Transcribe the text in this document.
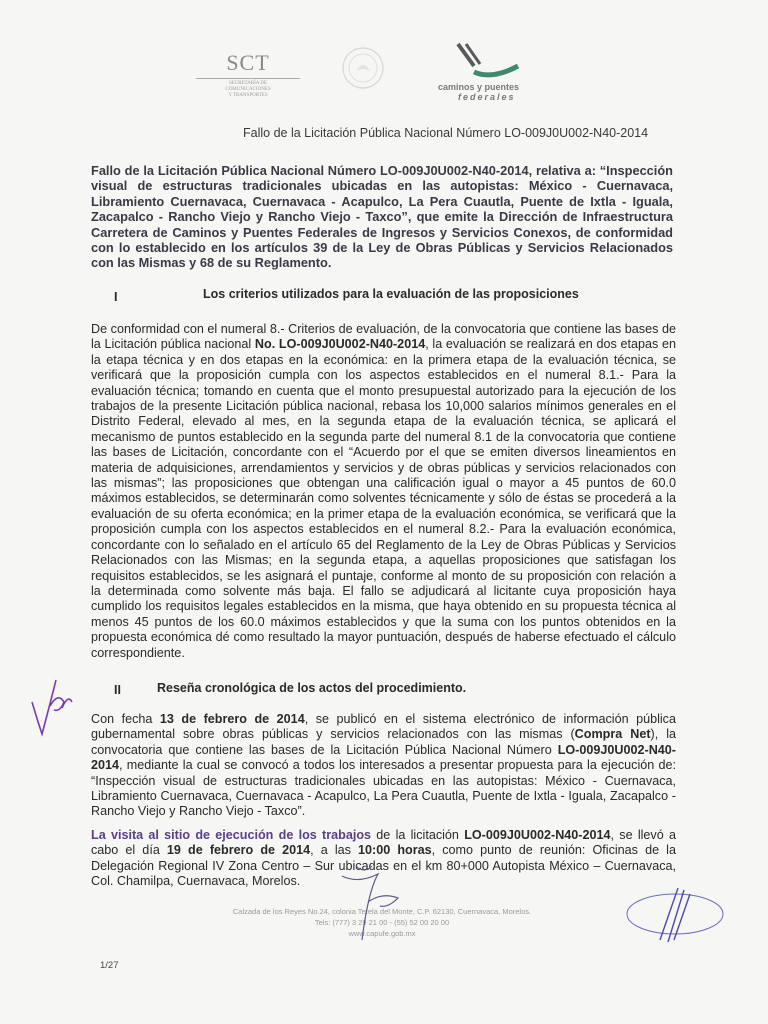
SCT
SECRETARÍA DE
COMUNICACIONES
Y TRANSPORTES
caminos y puentes
federales
Fallo de la Licitación Pública Nacional Número LO-009J0U002-N40-2014
Fallo de la Licitación Pública Nacional Número LO-009J0U002-N40-2014, relativa a: “Inspección visual de estructuras tradicionales ubicadas en las autopistas: México - Cuernavaca, Libramiento Cuernavaca, Cuernavaca - Acapulco, La Pera Cuautla, Puente de Ixtla - Iguala, Zacapalco - Rancho Viejo y Rancho Viejo - Taxco”, que emite la Dirección de Infraestructura Carretera de Caminos y Puentes Federales de Ingresos y Servicios Conexos, de conformidad con lo establecido en los artículos 39 de la Ley de Obras Públicas y Servicios Relacionados con las Mismas y 68 de su Reglamento.
I	Los criterios utilizados para la evaluación de las proposiciones
De conformidad con el numeral 8.- Criterios de evaluación, de la convocatoria que contiene las bases de la Licitación pública nacional No. LO-009J0U002-N40-2014, la evaluación se realizará en dos etapas en la etapa técnica y en dos etapas en la económica: en la primera etapa de la evaluación técnica, se verificará que la proposición cumpla con los aspectos establecidos en el numeral 8.1.- Para la evaluación técnica; tomando en cuenta que el monto presupuestal autorizado para la ejecución de los trabajos de la presente Licitación pública nacional, rebasa los 10,000 salarios mínimos generales en el Distrito Federal, elevado al mes, en la segunda etapa de la evaluación técnica, se aplicará el mecanismo de puntos establecido en la segunda parte del numeral 8.1 de la convocatoria que contiene las bases de Licitación, concordante con el “Acuerdo por el que se emiten diversos lineamientos en materia de adquisiciones, arrendamientos y servicios y de obras públicas y servicios relacionados con las mismas”; las proposiciones que obtengan una calificación igual o mayor a 45 puntos de 60.0 máximos establecidos, se determinarán como solventes técnicamente y sólo de éstas se procederá a la evaluación de su oferta económica; en la primer etapa de la evaluación económica, se verificará que la proposición cumpla con los aspectos establecidos en el numeral 8.2.- Para la evaluación económica, concordante con lo señalado en el artículo 65 del Reglamento de la Ley de Obras Públicas y Servicios Relacionados con las Mismas; en la segunda etapa, a aquellas proposiciones que satisfagan los requisitos establecidos, se les asignará el puntaje, conforme al monto de su proposición con relación a la determinada como solvente más baja. El fallo se adjudicará al licitante cuya proposición haya cumplido los requisitos legales establecidos en la misma, que haya obtenido en su propuesta técnica al menos 45 puntos de los 60.0 máximos establecidos y que la suma con los puntos obtenidos en la propuesta económica dé como resultado la mayor puntuación, después de haberse efectuado el cálculo correspondiente.
II	Reseña cronológica de los actos del procedimiento.
Con fecha 13 de febrero de 2014, se publicó en el sistema electrónico de información pública gubernamental sobre obras públicas y servicios relacionados con las mismas (Compra Net), la convocatoria que contiene las bases de la Licitación Pública Nacional Número LO-009J0U002-N40-2014, mediante la cual se convocó a todos los interesados a presentar propuesta para la ejecución de: “Inspección visual de estructuras tradicionales ubicadas en las autopistas: México - Cuernavaca, Libramiento Cuernavaca, Cuernavaca - Acapulco, La Pera Cuautla, Puente de Ixtla - Iguala, Zacapalco - Rancho Viejo y Rancho Viejo - Taxco”.
La visita al sitio de ejecución de los trabajos de la licitación LO-009J0U002-N40-2014, se llevó a cabo el día 19 de febrero de 2014, a las 10:00 horas, como punto de reunión: Oficinas de la Delegación Regional IV Zona Centro – Sur ubicadas en el km 80+000 Autopista México – Cuernavaca, Col. Chamilpa, Cuernavaca, Morelos.
Calzada de los Reyes No.24, colonia Tetela del Monte, C.P. 62130, Cuernavaca, Morelos.
Tels: (777) 3 29 21 00 - (55) 52 00 20 00
www.capufe.gob.mx
1/27
